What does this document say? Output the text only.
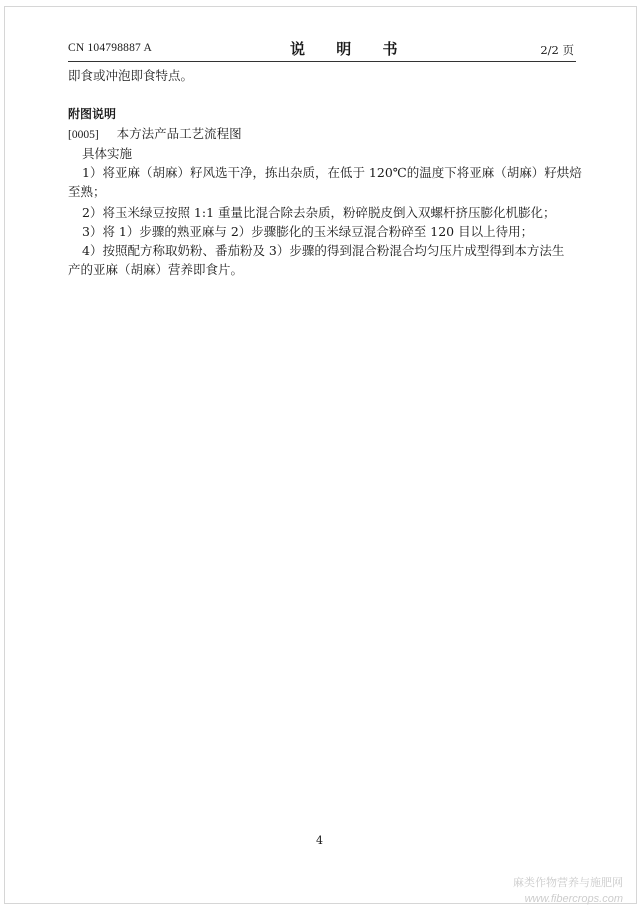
CN 104798887 A	说 明 书	2/2 页
即食或冲泡即食特点。
附图说明
[0005] 本方法产品工艺流程图
具体实施
1）将亚麻（胡麻）籽风选干净，拣出杂质，在低于 120℃的温度下将亚麻（胡麻）籽烘焙
至熟；
2）将玉米绿豆按照 1:1 重量比混合除去杂质，粉碎脱皮倒入双螺杆挤压膨化机膨化；
3）将 1）步骤的熟亚麻与 2）步骤膨化的玉米绿豆混合粉碎至 120 目以上待用；
4）按照配方称取奶粉、番茄粉及 3）步骤的得到混合粉混合均匀压片成型得到本方法生
产的亚麻（胡麻）营养即食片。
4
麻类作物营养与施肥网
www.fibercrops.com
